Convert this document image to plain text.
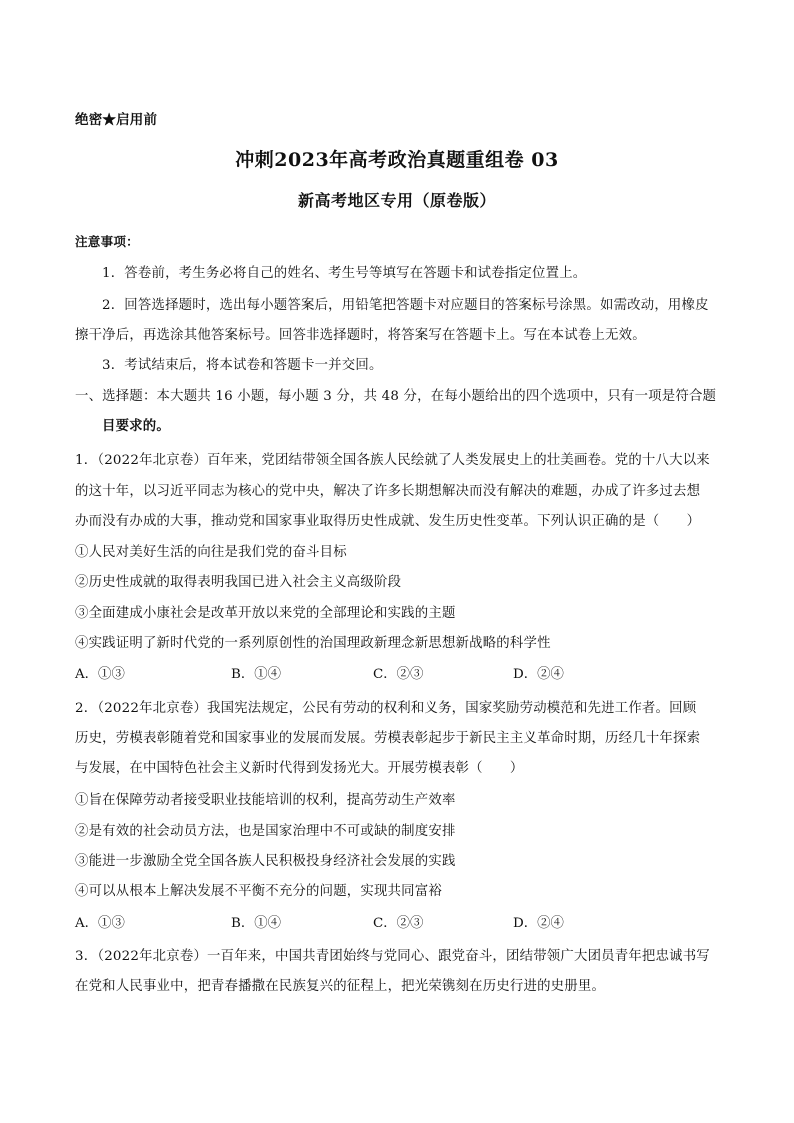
绝密★启用前
冲刺2023年高考政治真题重组卷 03
新高考地区专用（原卷版）
注意事项：
1．答卷前，考生务必将自己的姓名、考生号等填写在答题卡和试卷指定位置上。
2．回答选择题时，选出每小题答案后，用铅笔把答题卡对应题目的答案标号涂黑。如需改动，用橡皮
擦干净后，再选涂其他答案标号。回答非选择题时，将答案写在答题卡上。写在本试卷上无效。
3．考试结束后，将本试卷和答题卡一并交回。
一、选择题：本大题共 16 小题，每小题 3 分，共 48 分，在每小题给出的四个选项中，只有一项是符合题
目要求的。
1．（2022年北京卷）百年来，党团结带领全国各族人民绘就了人类发展史上的壮美画卷。党的十八大以来
的这十年，以习近平同志为核心的党中央，解决了许多长期想解决而没有解决的难题，办成了许多过去想
办而没有办成的大事，推动党和国家事业取得历史性成就、发生历史性变革。下列认识正确的是（　　）
①人民对美好生活的向往是我们党的奋斗目标
②历史性成就的取得表明我国已进入社会主义高级阶段
③全面建成小康社会是改革开放以来党的全部理论和实践的主题
④实践证明了新时代党的一系列原创性的治国理政新理念新思想新战略的科学性
A．①③	B．①④	C．②③	D．②④
2．（2022年北京卷）我国宪法规定，公民有劳动的权利和义务，国家奖励劳动模范和先进工作者。回顾
历史，劳模表彰随着党和国家事业的发展而发展。劳模表彰起步于新民主主义革命时期，历经几十年探索
与发展，在中国特色社会主义新时代得到发扬光大。开展劳模表彰（　　）
①旨在保障劳动者接受职业技能培训的权利，提高劳动生产效率
②是有效的社会动员方法，也是国家治理中不可或缺的制度安排
③能进一步激励全党全国各族人民积极投身经济社会发展的实践
④可以从根本上解决发展不平衡不充分的问题，实现共同富裕
A．①③	B．①④	C．②③	D．②④
3．（2022年北京卷）一百年来，中国共青团始终与党同心、跟党奋斗，团结带领广大团员青年把忠诚书写
在党和人民事业中，把青春播撒在民族复兴的征程上，把光荣镌刻在历史行进的史册里。
